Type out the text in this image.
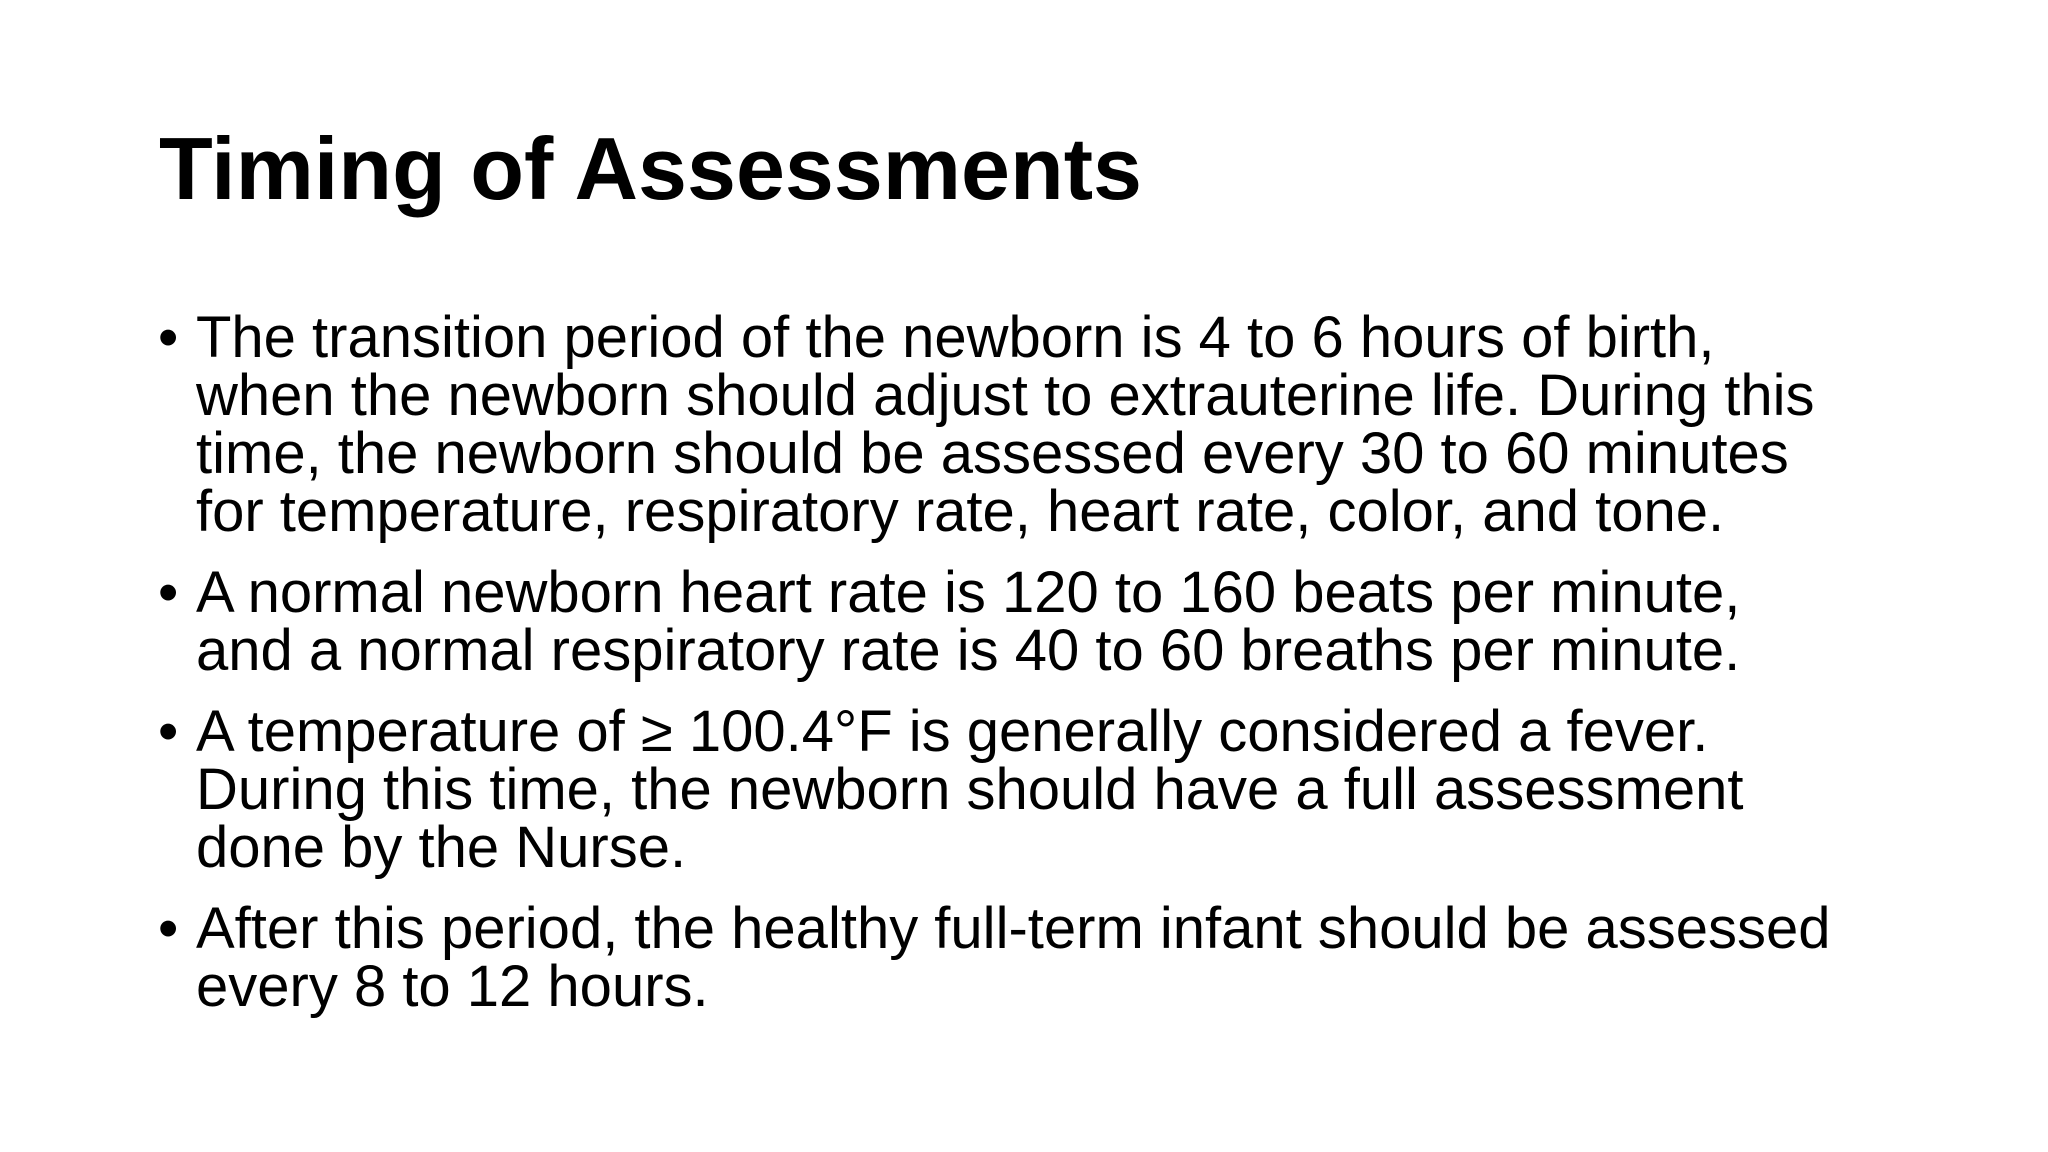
Timing of Assessments
• The transition period of the newborn is 4 to 6 hours of birth,
when the newborn should adjust to extrauterine life. During this
time, the newborn should be assessed every 30 to 60 minutes
for temperature, respiratory rate, heart rate, color, and tone.
• A normal newborn heart rate is 120 to 160 beats per minute,
and a normal respiratory rate is 40 to 60 breaths per minute.
• A temperature of ≥ 100.4°F is generally considered a fever.
During this time, the newborn should have a full assessment
done by the Nurse.
• After this period, the healthy full-term infant should be assessed
every 8 to 12 hours.
